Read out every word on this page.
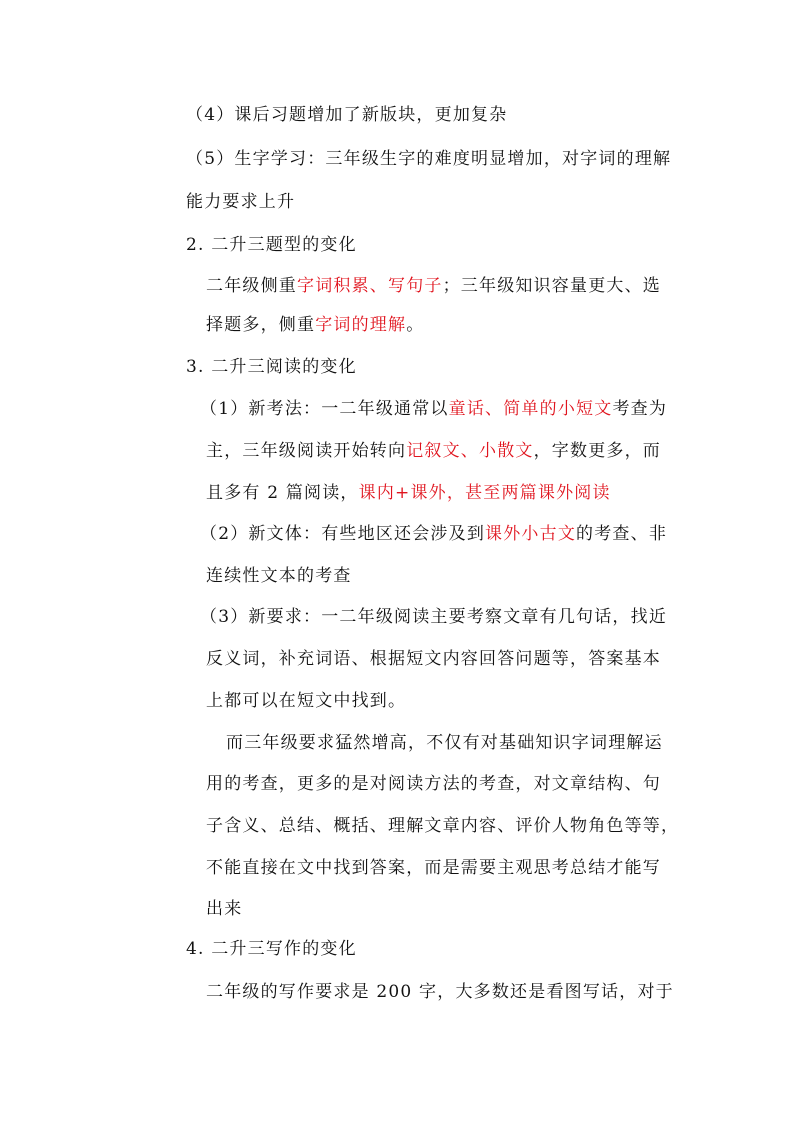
（4）课后习题增加了新版块，更加复杂
（5）生字学习：三年级生字的难度明显增加，对字词的理解
能力要求上升
2. 二升三题型的变化
二年级侧重字词积累、写句子；三年级知识容量更大、选
择题多，侧重字词的理解。
3. 二升三阅读的变化
（1）新考法：一二年级通常以童话、简单的小短文考查为
主，三年级阅读开始转向记叙文、小散文，字数更多，而
且多有 2 篇阅读，课内+课外，甚至两篇课外阅读
（2）新文体：有些地区还会涉及到课外小古文的考查、非
连续性文本的考查
（3）新要求：一二年级阅读主要考察文章有几句话，找近
反义词，补充词语、根据短文内容回答问题等，答案基本
上都可以在短文中找到。
而三年级要求猛然增高，不仅有对基础知识字词理解运
用的考查，更多的是对阅读方法的考查，对文章结构、句
子含义、总结、概括、理解文章内容、评价人物角色等等，
不能直接在文中找到答案，而是需要主观思考总结才能写
出来
4. 二升三写作的变化
二年级的写作要求是 200 字，大多数还是看图写话，对于
